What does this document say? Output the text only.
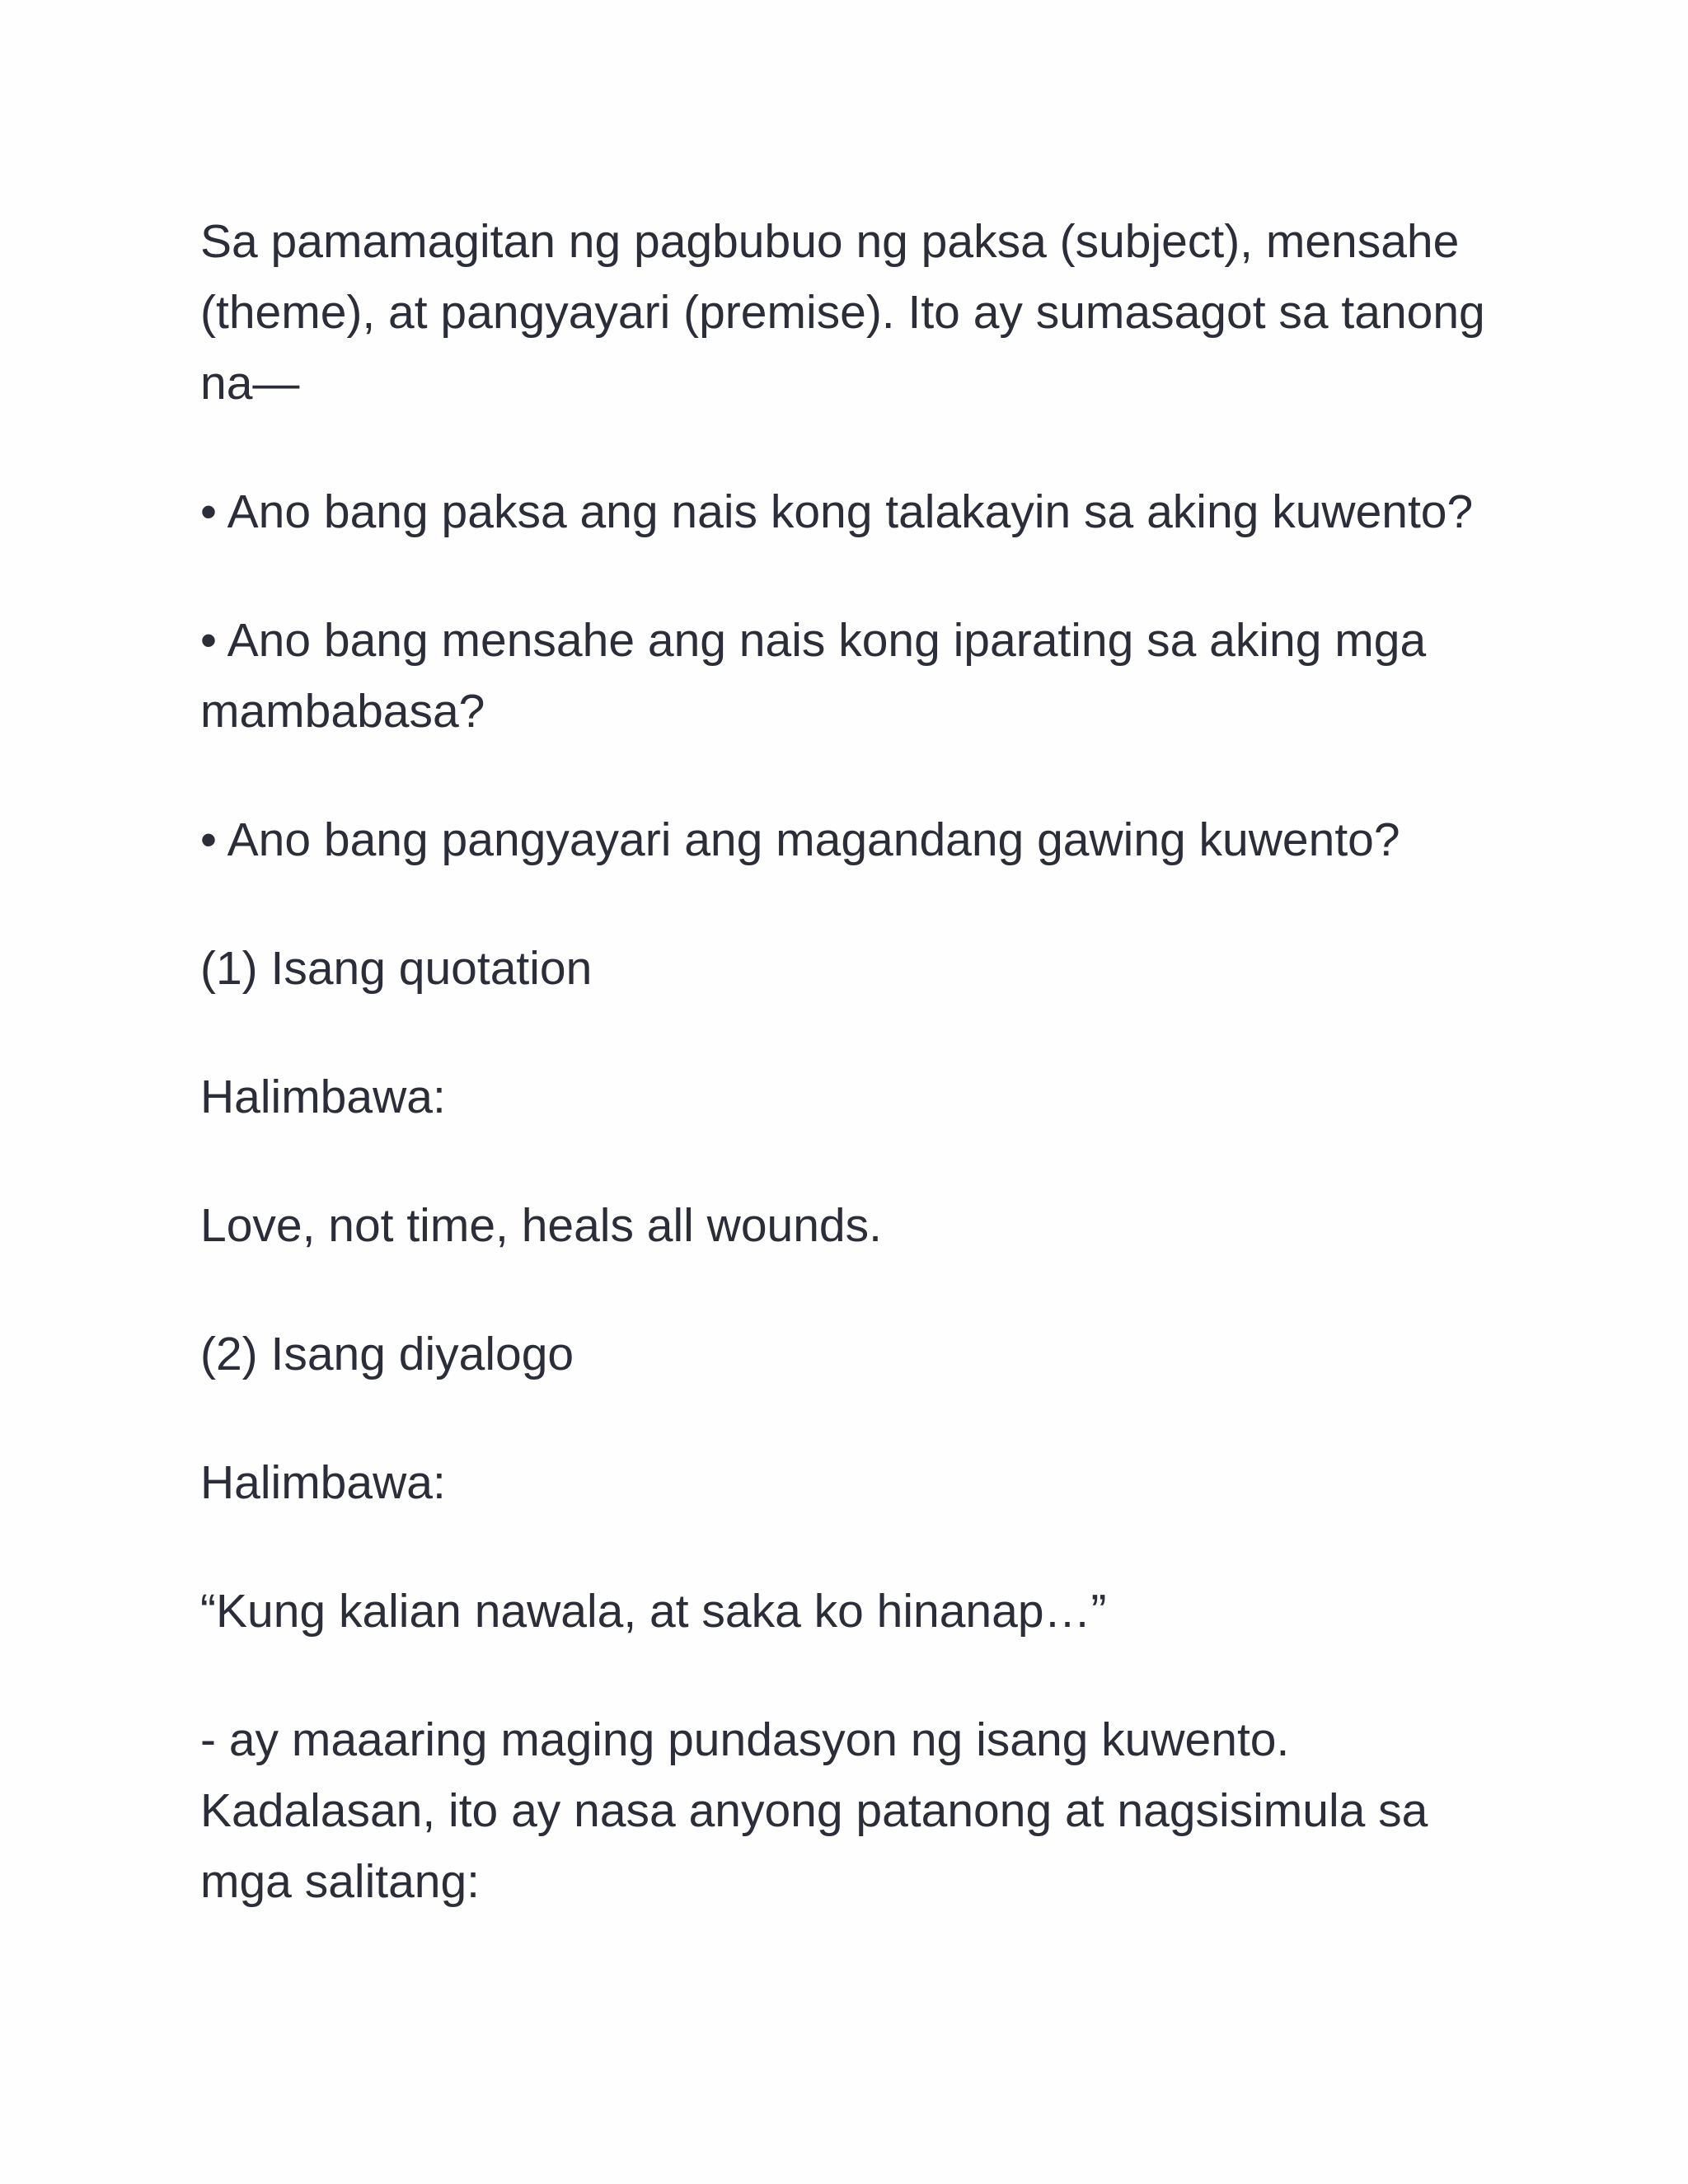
Sa pamamagitan ng pagbubuo ng paksa (subject), mensahe
(theme), at pangyayari (premise). Ito ay sumasagot sa tanong
na—

• Ano bang paksa ang nais kong talakayin sa aking kuwento?

• Ano bang mensahe ang nais kong iparating sa aking mga
mambabasa?

• Ano bang pangyayari ang magandang gawing kuwento?

(1) Isang quotation

Halimbawa:

Love, not time, heals all wounds.

(2) Isang diyalogo

Halimbawa:

“Kung kalian nawala, at saka ko hinanap…”

- ay maaaring maging pundasyon ng isang kuwento.
Kadalasan, ito ay nasa anyong patanong at nagsisimula sa
mga salitang:
